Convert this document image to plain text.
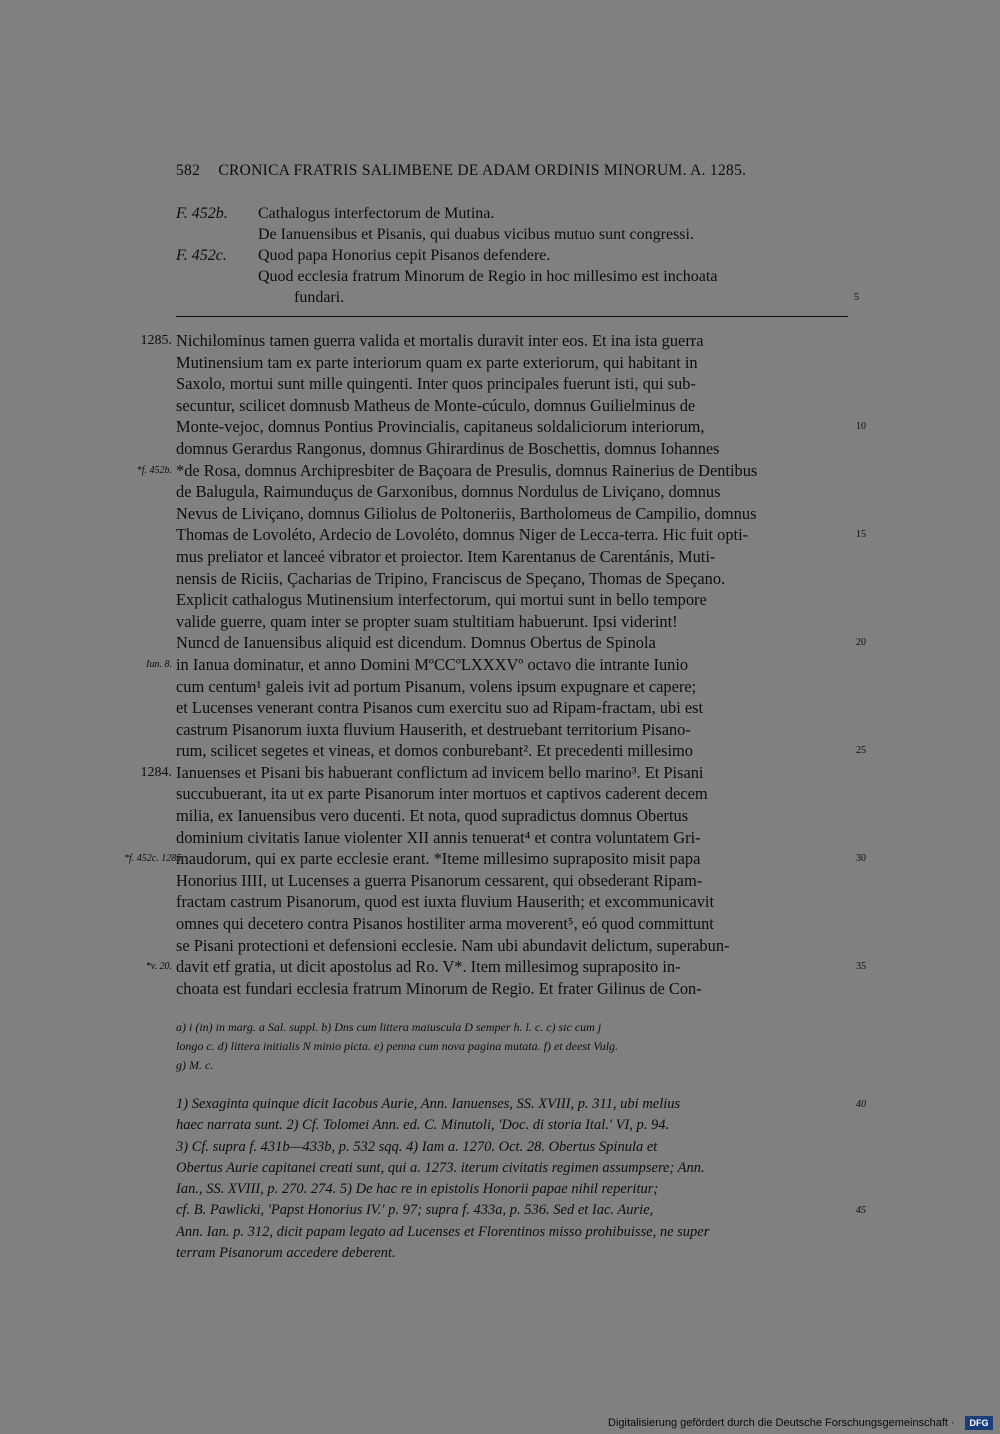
582 CRONICA FRATRIS SALIMBENE DE ADAM ORDINIS MINORUM. A. 1285.
F. 452b. Cathalogus interfectorum de Mutina.
De Ianuensibus et Pisanis, qui duabus vicibus mutuo sunt congressi.
F. 452c. Quod papa Honorius cepit Pisanos defendere.
Quod ecclesia fratrum Minorum de Regio in hoc millesimo est inchoata
fundari.	5
1285. Nichilominus tamen guerra valida et mortalis duravit inter eos. Et ina ista guerra
Mutinensium tam ex parte interiorum quam ex parte exteriorum, qui habitant in
Saxolo, mortui sunt mille quingenti. Inter quos principales fuerunt isti, qui sub-
secuntur, scilicet domnusb Matheus de Monte-cúculo, domnus Guilielminus de
Monte-vejoc, domnus Pontius Provincialis, capitaneus soldaliciorum interiorum,	10
domnus Gerardus Rangonus, domnus Ghirardinus de Boschettis, domnus Iohannes
*f. 452b. *de Rosa, domnus Archipresbiter de Baçoara de Presulis, domnus Rainerius de Dentibus
de Balugula, Raimunduçus de Garxonibus, domnus Nordulus de Liviçano, domnus
Nevus de Liviçano, domnus Giliolus de Poltoneriis, Bartholomeus de Campilio, domnus
Thomas de Lovoléto, Ardecio de Lovoléto, domnus Niger de Lecca-terra. Hic fuit opti-	15
mus preliator et lanceé vibrator et proiector. Item Karentanus de Carentánis, Muti-
nensis de Riciis, Çacharias de Tripino, Franciscus de Speçano, Thomas de Speçano.
Explicit cathalogus Mutinensium interfectorum, qui mortui sunt in bello tempore
valide guerre, quam inter se propter suam stultitiam habuerunt. Ipsi viderint!
Nuncd de Ianuensibus aliquid est dicendum. Domnus Obertus de Spinola	20
Iun. 8. in Ianua dominatur, et anno Domini MºCCºLXXXVº octavo die intrante Iunio
cum centum¹ galeis ivit ad portum Pisanum, volens ipsum expugnare et capere;
et Lucenses venerant contra Pisanos cum exercitu suo ad Ripam-fractam, ubi est
castrum Pisanorum iuxta fluvium Hauserith, et destruebant territorium Pisano-
rum, scilicet segetes et vineas, et domos conburebant². Et precedenti millesimo	25
1284. Ianuenses et Pisani bis habuerant conflictum ad invicem bello marino³. Et Pisani
succubuerant, ita ut ex parte Pisanorum inter mortuos et captivos caderent decem
milia, ex Ianuensibus vero ducenti. Et nota, quod supradictus domnus Obertus
dominium civitatis Ianue violenter XII annis tenuerat⁴ et contra voluntatem Gri-
*f. 452c. 1285.
maudorum, qui ex parte ecclesie erant. *Iteme millesimo supraposito misit papa	30
Honorius IIII, ut Lucenses a guerra Pisanorum cessarent, qui obsederant Ripam-
fractam castrum Pisanorum, quod est iuxta fluvium Hauserith; et excommunicavit
omnes qui decetero contra Pisanos hostiliter arma moverent⁵, eó quod committunt
se Pisani protectioni et defensioni ecclesie. Nam ubi abundavit delictum, superabun-
*v. 20. davit etf gratia, ut dicit apostolus ad Ro. V*. Item millesimog supraposito in-	35
choata est fundari ecclesia fratrum Minorum de Regio. Et frater Gilinus de Con-
a) i (in) in marg. a Sal. suppl. b) Dns cum littera maiuscula D semper h. l. c. c) sic cum j
longo c. d) littera initialis N minio picta. e) penna cum nova pagina mutata. f) et deest Vulg.
g) M. c.
1) Sexaginta quinque dicit Iacobus Aurie, Ann. Ianuenses, SS. XVIII, p. 311, ubi melius	40
haec narrata sunt. 2) Cf. Tolomei Ann. ed. C. Minutoli, 'Doc. di storia Ital.' VI, p. 94.
3) Cf. supra f. 431b—433b, p. 532 sqq. 4) Iam a. 1270. Oct. 28. Obertus Spinula et
Obertus Aurie capitanei creati sunt, qui a. 1273. iterum civitatis regimen assumpsere; Ann.
Ian., SS. XVIII, p. 270. 274. 5) De hac re in epistolis Honorii papae nihil reperitur;
cf. B. Pawlicki, 'Papst Honorius IV.' p. 97; supra f. 433a, p. 536. Sed et Iac. Aurie,	45
Ann. Ian. p. 312, dicit papam legato ad Lucenses et Florentinos misso prohibuisse, ne super
terram Pisanorum accedere deberent.
Digitalisierung gefördert durch die Deutsche Forschungsgemeinschaft ·	DFG
